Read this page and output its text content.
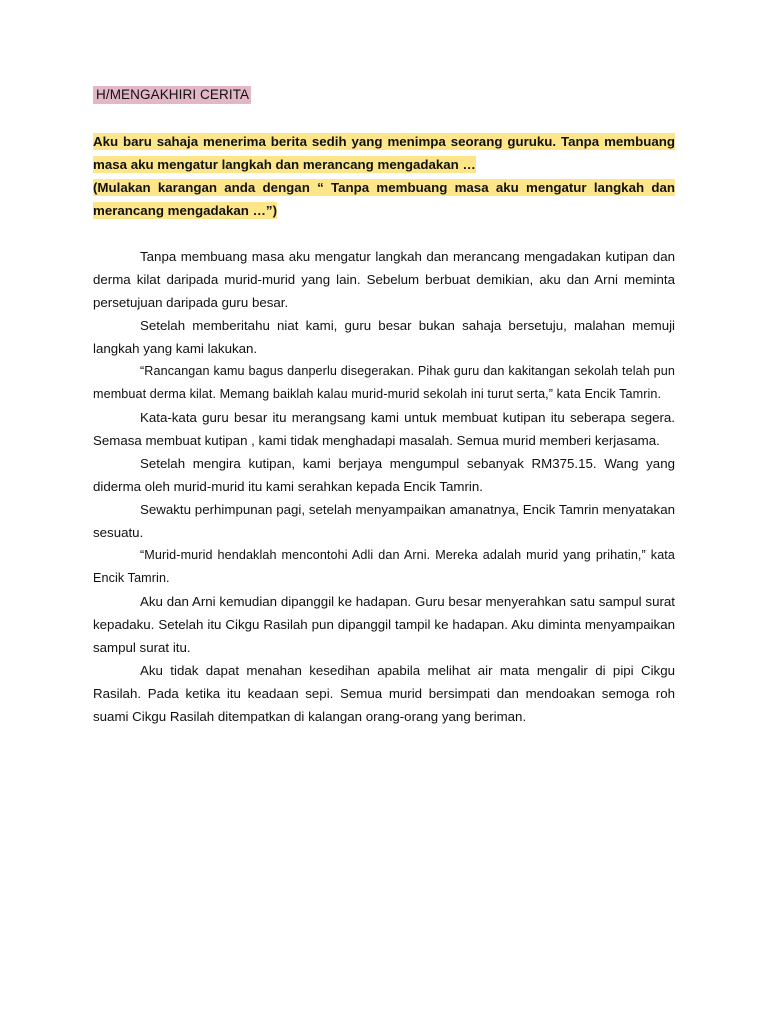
H/MENGAKHIRI CERITA
Aku baru sahaja menerima berita sedih yang menimpa seorang guruku. Tanpa membuang masa aku mengatur langkah dan merancang mengadakan …
(Mulakan karangan anda dengan “ Tanpa membuang masa aku mengatur langkah dan merancang mengadakan …”)

Tanpa membuang masa aku mengatur langkah dan merancang mengadakan kutipan dan derma kilat daripada murid-murid yang lain. Sebelum berbuat demikian, aku dan Arni meminta persetujuan daripada guru besar.

Setelah memberitahu niat kami, guru besar bukan sahaja bersetuju, malahan memuji langkah yang kami lakukan.

“Rancangan kamu bagus danperlu disegerakan. Pihak guru dan kakitangan sekolah telah pun membuat derma kilat. Memang baiklah kalau murid-murid sekolah ini turut serta,” kata Encik Tamrin.

Kata-kata guru besar itu merangsang kami untuk membuat kutipan itu seberapa segera. Semasa membuat kutipan , kami tidak menghadapi masalah. Semua murid memberi kerjasama.

Setelah mengira kutipan, kami berjaya mengumpul sebanyak RM375.15. Wang yang diderma oleh murid-murid itu kami serahkan kepada Encik Tamrin.

Sewaktu perhimpunan pagi, setelah menyampaikan amanatnya, Encik Tamrin menyatakan sesuatu.

“Murid-murid hendaklah mencontohi Adli dan Arni. Mereka adalah murid yang prihatin,” kata Encik Tamrin.

Aku dan Arni kemudian dipanggil ke hadapan. Guru besar menyerahkan satu sampul surat kepadaku. Setelah itu Cikgu Rasilah pun dipanggil tampil ke hadapan. Aku diminta menyampaikan sampul surat itu.

Aku tidak dapat menahan kesedihan apabila melihat air mata mengalir di pipi Cikgu Rasilah. Pada ketika itu keadaan sepi. Semua murid bersimpati dan mendoakan semoga roh suami Cikgu Rasilah ditempatkan di kalangan orang-orang yang beriman.
